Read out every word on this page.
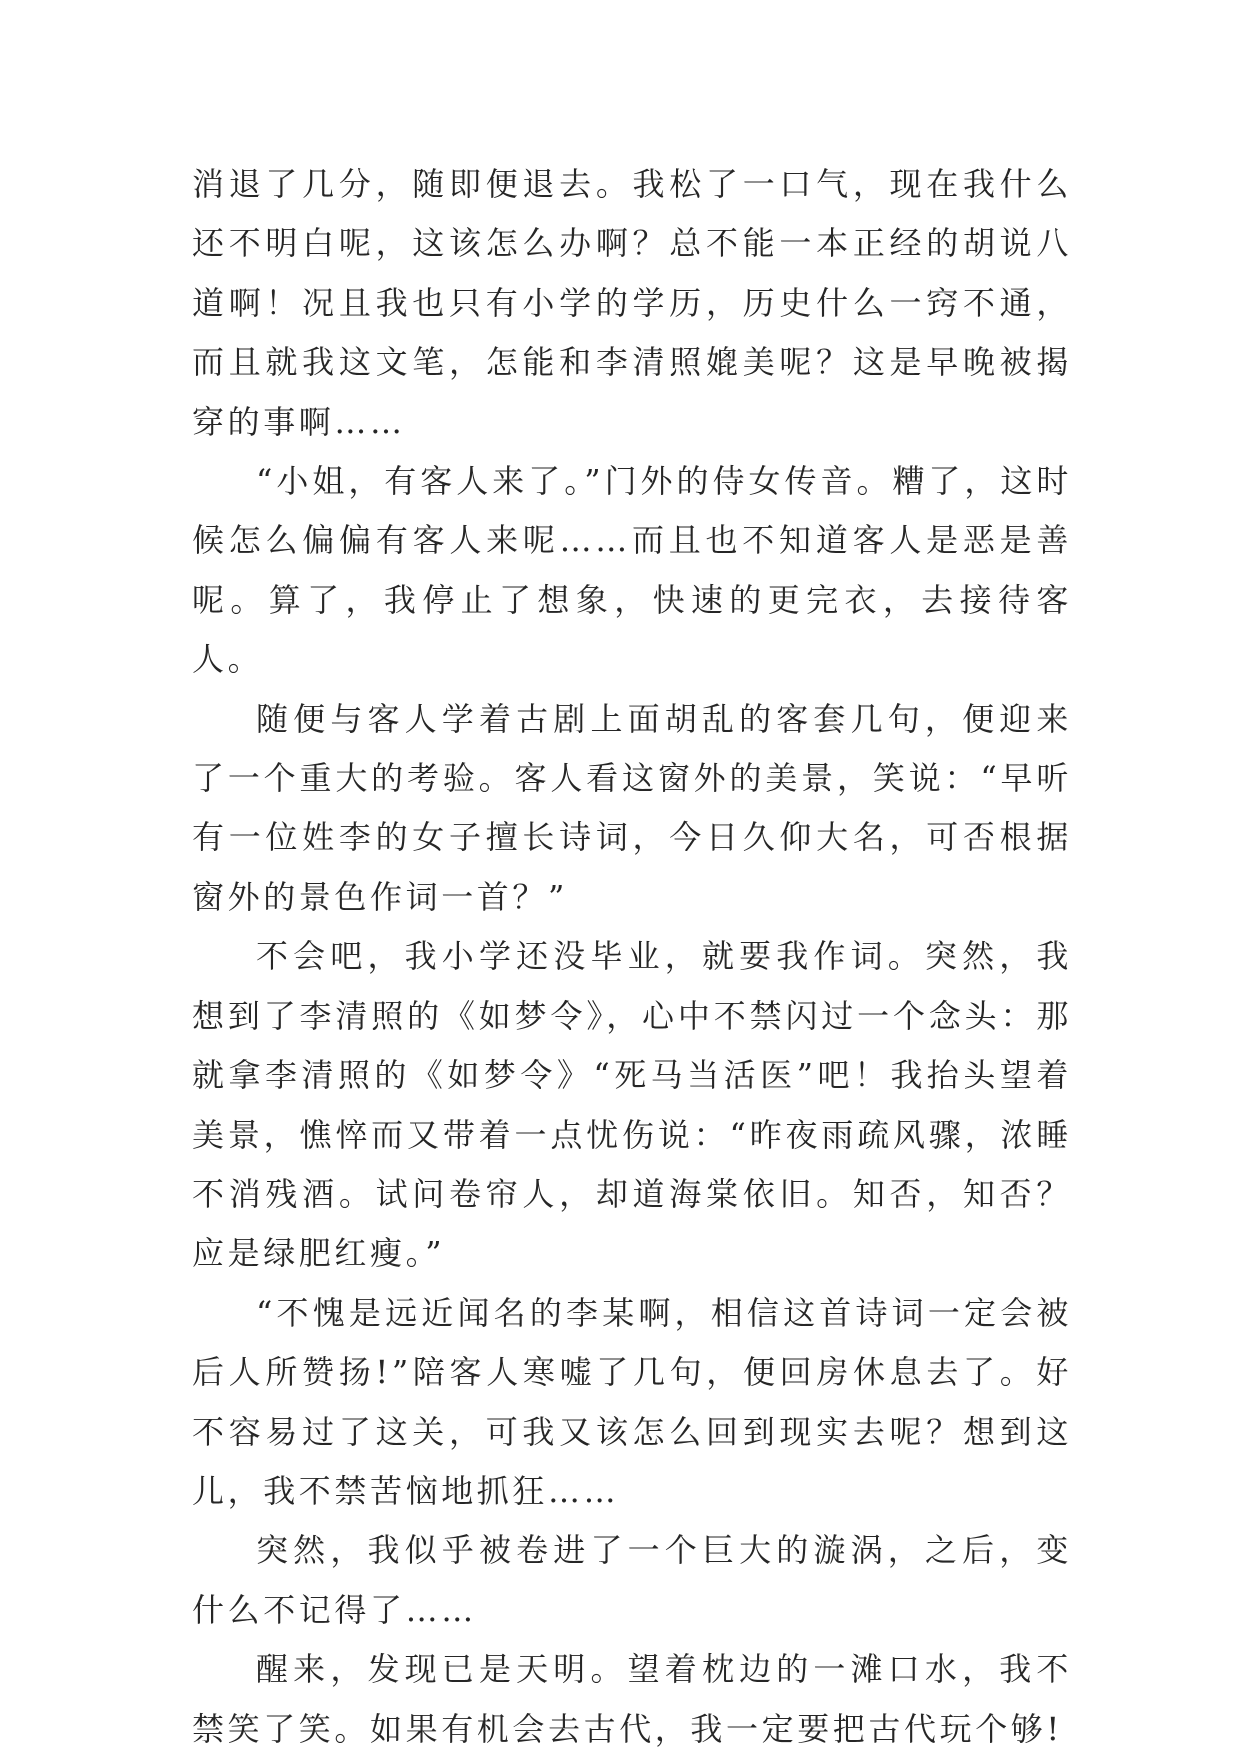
消退了几分，随即便退去。我松了一口气，现在我什么还不明白呢，这该怎么办啊？总不能一本正经的胡说八道啊！况且我也只有小学的学历，历史什么一窍不通，而且就我这文笔，怎能和李清照媲美呢？这是早晚被揭穿的事啊……

“小姐，有客人来了。”门外的侍女传音。糟了，这时候怎么偏偏有客人来呢……而且也不知道客人是恶是善呢。算了，我停止了想象，快速的更完衣，去接待客人。

随便与客人学着古剧上面胡乱的客套几句，便迎来了一个重大的考验。客人看这窗外的美景，笑说：“早听有一位姓李的女子擅长诗词，今日久仰大名，可否根据窗外的景色作词一首？”

不会吧，我小学还没毕业，就要我作词。突然，我想到了李清照的《如梦令》，心中不禁闪过一个念头：那就拿李清照的《如梦令》“死马当活医”吧！我抬头望着美景，憔悴而又带着一点忧伤说：“昨夜雨疏风骤，浓睡不消残酒。试问卷帘人，却道海棠依旧。知否，知否？应是绿肥红瘦。”

“不愧是远近闻名的李某啊，相信这首诗词一定会被后人所赞扬!”陪客人寒嘘了几句，便回房休息去了。好不容易过了这关，可我又该怎么回到现实去呢？想到这儿，我不禁苦恼地抓狂……

突然，我似乎被卷进了一个巨大的漩涡，之后，变什么不记得了……

醒来，发现已是天明。望着枕边的一滩口水，我不禁笑了笑。如果有机会去古代，我一定要把古代玩个够!
